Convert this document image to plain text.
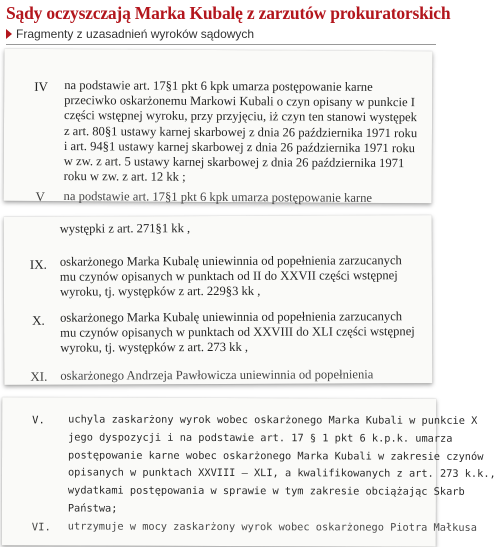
Sądy oczyszczają Marka Kubalę z zarzutów prokuratorskich
Fragmenty z uzasadnień wyroków sądowych
IV na podstawie art. 17§1 pkt 6 kpk umarza postępowanie karne
przeciwko oskarżonemu Markowi Kubali o czyn opisany w punkcie I
części wstępnej wyroku, przy przyjęciu, iż czyn ten stanowi występek
z art. 80§1 ustawy karnej skarbowej z dnia 26 października 1971 roku
i art. 94§1 ustawy karnej skarbowej z dnia 26 października 1971 roku
w zw. z art. 5 ustawy karnej skarbowej z dnia 26 października 1971
roku w zw. z art. 12 kk ;
V na podstawie art. 17§1 pkt 6 kpk umarza postępowanie karne
występki z art. 271§1 kk ,
IX. oskarżonego Marka Kubalę uniewinnia od popełnienia zarzucanych
mu czynów opisanych w punktach od II do XXVII części wstępnej
wyroku, tj. występków z art. 229§3 kk ,
X. oskarżonego Marka Kubalę uniewinnia od popełnienia zarzucanych
mu czynów opisanych w punktach od XXVIII do XLI części wstępnej
wyroku, tj. występków z art. 273 kk ,
XI. oskarżonego Andrzeja Pawłowicza uniewinnia od popełnienia
V. uchyla zaskarżony wyrok wobec oskarżonego Marka Kubali w punkcie X
jego dyspozycji i na podstawie art. 17 § 1 pkt 6 k.p.k. umarza
postępowanie karne wobec oskarżonego Marka Kubali w zakresie czynów
opisanych w punktach XXVIII – XLI, a kwalifikowanych z art. 273 k.k.,
wydatkami postępowania w sprawie w tym zakresie obciążając Skarb
Państwa;
VI. utrzymuje w mocy zaskarżony wyrok wobec oskarżonego Piotra Małkusa
